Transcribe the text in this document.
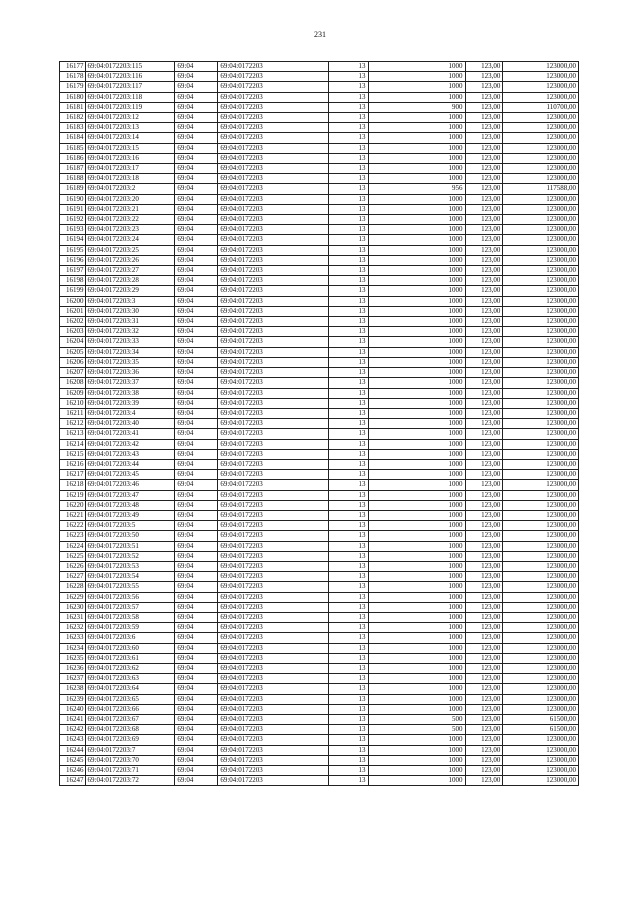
231
16177	69:04:0172203:115	69:04	69:04:0172203	13	1000	123,00	123000,00
16178	69:04:0172203:116	69:04	69:04:0172203	13	1000	123,00	123000,00
16179	69:04:0172203:117	69:04	69:04:0172203	13	1000	123,00	123000,00
16180	69:04:0172203:118	69:04	69:04:0172203	13	1000	123,00	123000,00
16181	69:04:0172203:119	69:04	69:04:0172203	13	900	123,00	110700,00
16182	69:04:0172203:12	69:04	69:04:0172203	13	1000	123,00	123000,00
16183	69:04:0172203:13	69:04	69:04:0172203	13	1000	123,00	123000,00
16184	69:04:0172203:14	69:04	69:04:0172203	13	1000	123,00	123000,00
16185	69:04:0172203:15	69:04	69:04:0172203	13	1000	123,00	123000,00
16186	69:04:0172203:16	69:04	69:04:0172203	13	1000	123,00	123000,00
16187	69:04:0172203:17	69:04	69:04:0172203	13	1000	123,00	123000,00
16188	69:04:0172203:18	69:04	69:04:0172203	13	1000	123,00	123000,00
16189	69:04:0172203:2	69:04	69:04:0172203	13	956	123,00	117588,00
16190	69:04:0172203:20	69:04	69:04:0172203	13	1000	123,00	123000,00
16191	69:04:0172203:21	69:04	69:04:0172203	13	1000	123,00	123000,00
16192	69:04:0172203:22	69:04	69:04:0172203	13	1000	123,00	123000,00
16193	69:04:0172203:23	69:04	69:04:0172203	13	1000	123,00	123000,00
16194	69:04:0172203:24	69:04	69:04:0172203	13	1000	123,00	123000,00
16195	69:04:0172203:25	69:04	69:04:0172203	13	1000	123,00	123000,00
16196	69:04:0172203:26	69:04	69:04:0172203	13	1000	123,00	123000,00
16197	69:04:0172203:27	69:04	69:04:0172203	13	1000	123,00	123000,00
16198	69:04:0172203:28	69:04	69:04:0172203	13	1000	123,00	123000,00
16199	69:04:0172203:29	69:04	69:04:0172203	13	1000	123,00	123000,00
16200	69:04:0172203:3	69:04	69:04:0172203	13	1000	123,00	123000,00
16201	69:04:0172203:30	69:04	69:04:0172203	13	1000	123,00	123000,00
16202	69:04:0172203:31	69:04	69:04:0172203	13	1000	123,00	123000,00
16203	69:04:0172203:32	69:04	69:04:0172203	13	1000	123,00	123000,00
16204	69:04:0172203:33	69:04	69:04:0172203	13	1000	123,00	123000,00
16205	69:04:0172203:34	69:04	69:04:0172203	13	1000	123,00	123000,00
16206	69:04:0172203:35	69:04	69:04:0172203	13	1000	123,00	123000,00
16207	69:04:0172203:36	69:04	69:04:0172203	13	1000	123,00	123000,00
16208	69:04:0172203:37	69:04	69:04:0172203	13	1000	123,00	123000,00
16209	69:04:0172203:38	69:04	69:04:0172203	13	1000	123,00	123000,00
16210	69:04:0172203:39	69:04	69:04:0172203	13	1000	123,00	123000,00
16211	69:04:0172203:4	69:04	69:04:0172203	13	1000	123,00	123000,00
16212	69:04:0172203:40	69:04	69:04:0172203	13	1000	123,00	123000,00
16213	69:04:0172203:41	69:04	69:04:0172203	13	1000	123,00	123000,00
16214	69:04:0172203:42	69:04	69:04:0172203	13	1000	123,00	123000,00
16215	69:04:0172203:43	69:04	69:04:0172203	13	1000	123,00	123000,00
16216	69:04:0172203:44	69:04	69:04:0172203	13	1000	123,00	123000,00
16217	69:04:0172203:45	69:04	69:04:0172203	13	1000	123,00	123000,00
16218	69:04:0172203:46	69:04	69:04:0172203	13	1000	123,00	123000,00
16219	69:04:0172203:47	69:04	69:04:0172203	13	1000	123,00	123000,00
16220	69:04:0172203:48	69:04	69:04:0172203	13	1000	123,00	123000,00
16221	69:04:0172203:49	69:04	69:04:0172203	13	1000	123,00	123000,00
16222	69:04:0172203:5	69:04	69:04:0172203	13	1000	123,00	123000,00
16223	69:04:0172203:50	69:04	69:04:0172203	13	1000	123,00	123000,00
16224	69:04:0172203:51	69:04	69:04:0172203	13	1000	123,00	123000,00
16225	69:04:0172203:52	69:04	69:04:0172203	13	1000	123,00	123000,00
16226	69:04:0172203:53	69:04	69:04:0172203	13	1000	123,00	123000,00
16227	69:04:0172203:54	69:04	69:04:0172203	13	1000	123,00	123000,00
16228	69:04:0172203:55	69:04	69:04:0172203	13	1000	123,00	123000,00
16229	69:04:0172203:56	69:04	69:04:0172203	13	1000	123,00	123000,00
16230	69:04:0172203:57	69:04	69:04:0172203	13	1000	123,00	123000,00
16231	69:04:0172203:58	69:04	69:04:0172203	13	1000	123,00	123000,00
16232	69:04:0172203:59	69:04	69:04:0172203	13	1000	123,00	123000,00
16233	69:04:0172203:6	69:04	69:04:0172203	13	1000	123,00	123000,00
16234	69:04:0172203:60	69:04	69:04:0172203	13	1000	123,00	123000,00
16235	69:04:0172203:61	69:04	69:04:0172203	13	1000	123,00	123000,00
16236	69:04:0172203:62	69:04	69:04:0172203	13	1000	123,00	123000,00
16237	69:04:0172203:63	69:04	69:04:0172203	13	1000	123,00	123000,00
16238	69:04:0172203:64	69:04	69:04:0172203	13	1000	123,00	123000,00
16239	69:04:0172203:65	69:04	69:04:0172203	13	1000	123,00	123000,00
16240	69:04:0172203:66	69:04	69:04:0172203	13	1000	123,00	123000,00
16241	69:04:0172203:67	69:04	69:04:0172203	13	500	123,00	61500,00
16242	69:04:0172203:68	69:04	69:04:0172203	13	500	123,00	61500,00
16243	69:04:0172203:69	69:04	69:04:0172203	13	1000	123,00	123000,00
16244	69:04:0172203:7	69:04	69:04:0172203	13	1000	123,00	123000,00
16245	69:04:0172203:70	69:04	69:04:0172203	13	1000	123,00	123000,00
16246	69:04:0172203:71	69:04	69:04:0172203	13	1000	123,00	123000,00
16247	69:04:0172203:72	69:04	69:04:0172203	13	1000	123,00	123000,00
